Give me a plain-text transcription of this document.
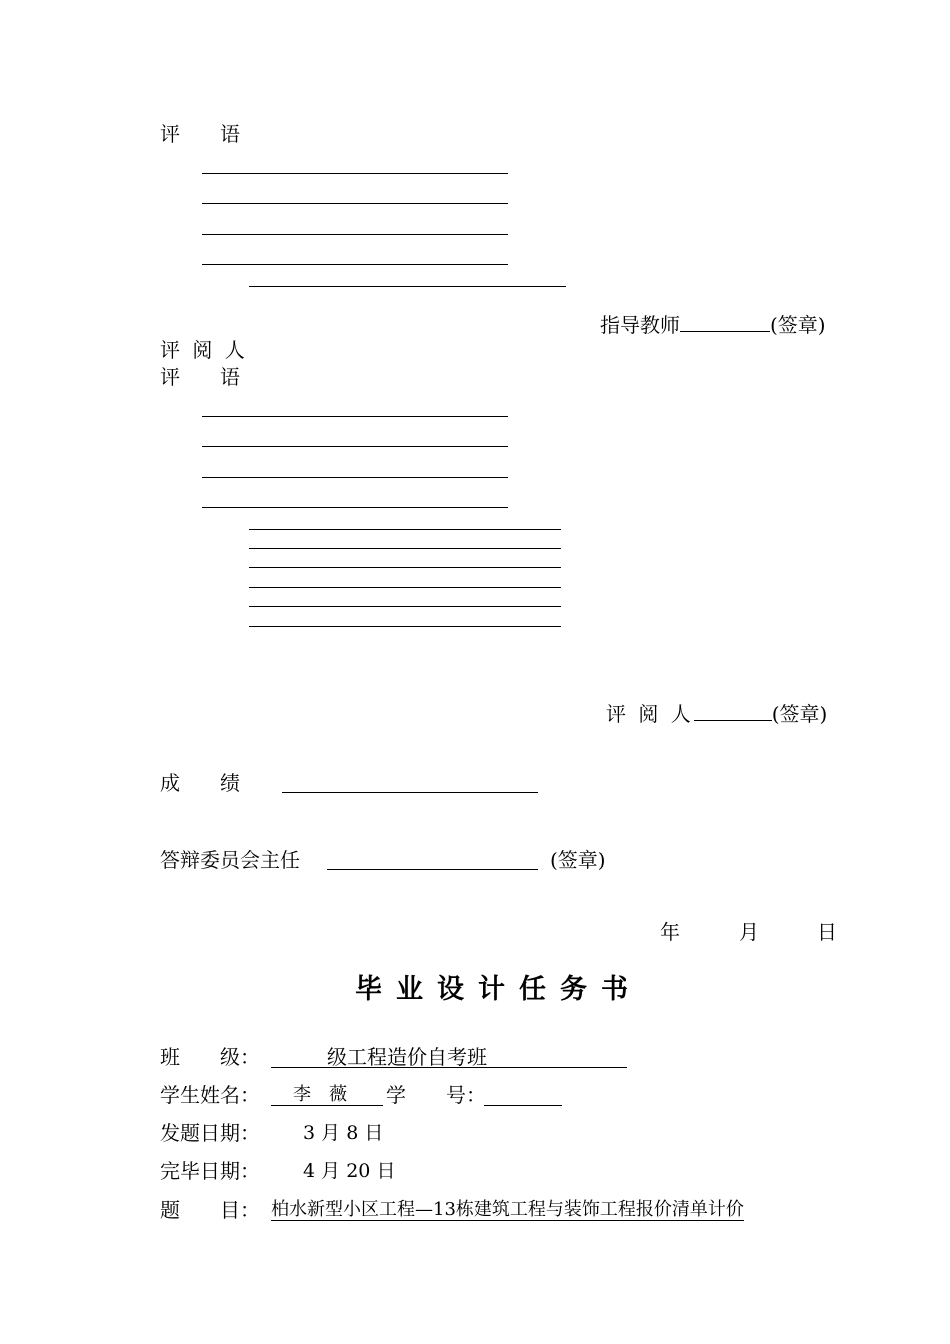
评　　语
指导教师	(签章)
评 阅 人
评　　语
评 阅 人	(签章)
成　　绩
答辩委员会主任	(签章)
年	月	日
毕业设计任务书
班　　级：	级工程造价自考班
学生姓名：	李　薇	学　　号：
发题日期： 3 月 8 日
完毕日期： 4 月 20 日
题　　目： 柏水新型小区工程—13栋建筑工程与装饰工程报价清单计价
